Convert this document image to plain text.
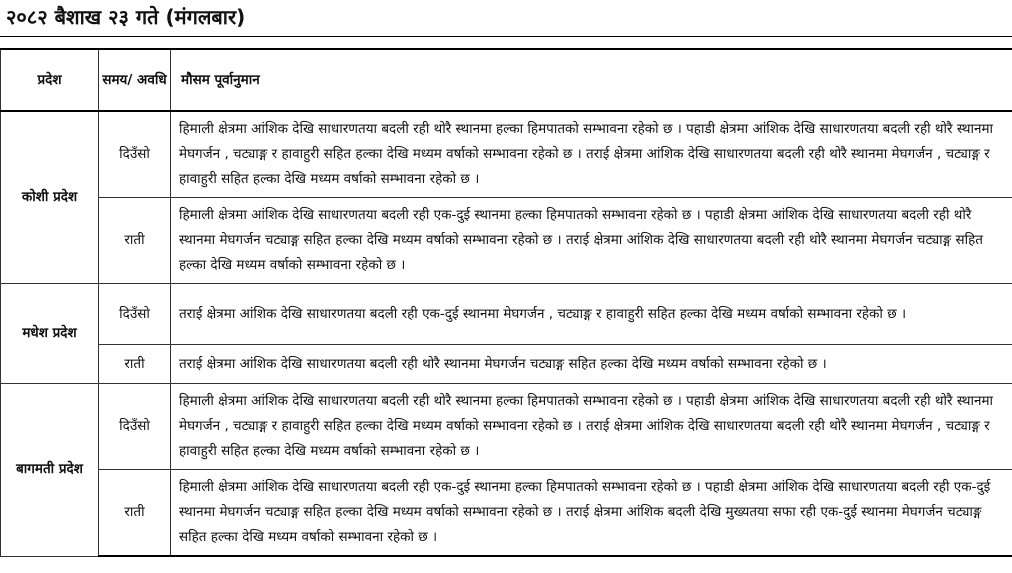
२०८२ बैशाख २३ गते (मंगलबार)
प्रदेश	समय/ अवधि	मौसम पूर्वानुमान
कोशी प्रदेश	दिउँसो	हिमाली क्षेत्रमा आंशिक देखि साधारणतया बदली रही थोरै स्थानमा हल्का हिमपातको सम्भावना रहेको छ । पहाडी क्षेत्रमा आंशिक देखि साधारणतया बदली रही थोरै स्थानमा मेघगर्जन , चट्याङ्ग र हावाहुरी सहित हल्का देखि मध्यम वर्षाको सम्भावना रहेको छ । तराई क्षेत्रमा आंशिक देखि साधारणतया बदली रही थोरै स्थानमा मेघगर्जन , चट्याङ्ग र हावाहुरी सहित हल्का देखि मध्यम वर्षाको सम्भावना रहेको छ ।
	राती	हिमाली क्षेत्रमा आंशिक देखि साधारणतया बदली रही एक-दुई स्थानमा हल्का हिमपातको सम्भावना रहेको छ । पहाडी क्षेत्रमा आंशिक देखि साधारणतया बदली रही थोरै स्थानमा मेघगर्जन चट्याङ्ग सहित हल्का देखि मध्यम वर्षाको सम्भावना रहेको छ । तराई क्षेत्रमा आंशिक देखि साधारणतया बदली रही थोरै स्थानमा मेघगर्जन चट्याङ्ग सहित हल्का देखि मध्यम वर्षाको सम्भावना रहेको छ ।
मधेश प्रदेश	दिउँसो	तराई क्षेत्रमा आंशिक देखि साधारणतया बदली रही एक-दुई स्थानमा मेघगर्जन , चट्याङ्ग र हावाहुरी सहित हल्का देखि मध्यम वर्षाको सम्भावना रहेको छ ।
	राती	तराई क्षेत्रमा आंशिक देखि साधारणतया बदली रही थोरै स्थानमा मेघगर्जन चट्याङ्ग सहित हल्का देखि मध्यम वर्षाको सम्भावना रहेको छ ।
बागमती प्रदेश	दिउँसो	हिमाली क्षेत्रमा आंशिक देखि साधारणतया बदली रही थोरै स्थानमा हल्का हिमपातको सम्भावना रहेको छ । पहाडी क्षेत्रमा आंशिक देखि साधारणतया बदली रही थोरै स्थानमा मेघगर्जन , चट्याङ्ग र हावाहुरी सहित हल्का देखि मध्यम वर्षाको सम्भावना रहेको छ । तराई क्षेत्रमा आंशिक देखि साधारणतया बदली रही थोरै स्थानमा मेघगर्जन , चट्याङ्ग र हावाहुरी सहित हल्का देखि मध्यम वर्षाको सम्भावना रहेको छ ।
	राती	हिमाली क्षेत्रमा आंशिक देखि साधारणतया बदली रही एक-दुई स्थानमा हल्का हिमपातको सम्भावना रहेको छ । पहाडी क्षेत्रमा आंशिक देखि साधारणतया बदली रही एक-दुई स्थानमा मेघगर्जन चट्याङ्ग सहित हल्का देखि मध्यम वर्षाको सम्भावना रहेको छ । तराई क्षेत्रमा आंशिक बदली देखि मुख्यतया सफा रही एक-दुई स्थानमा मेघगर्जन चट्याङ्ग सहित हल्का देखि मध्यम वर्षाको सम्भावना रहेको छ ।
